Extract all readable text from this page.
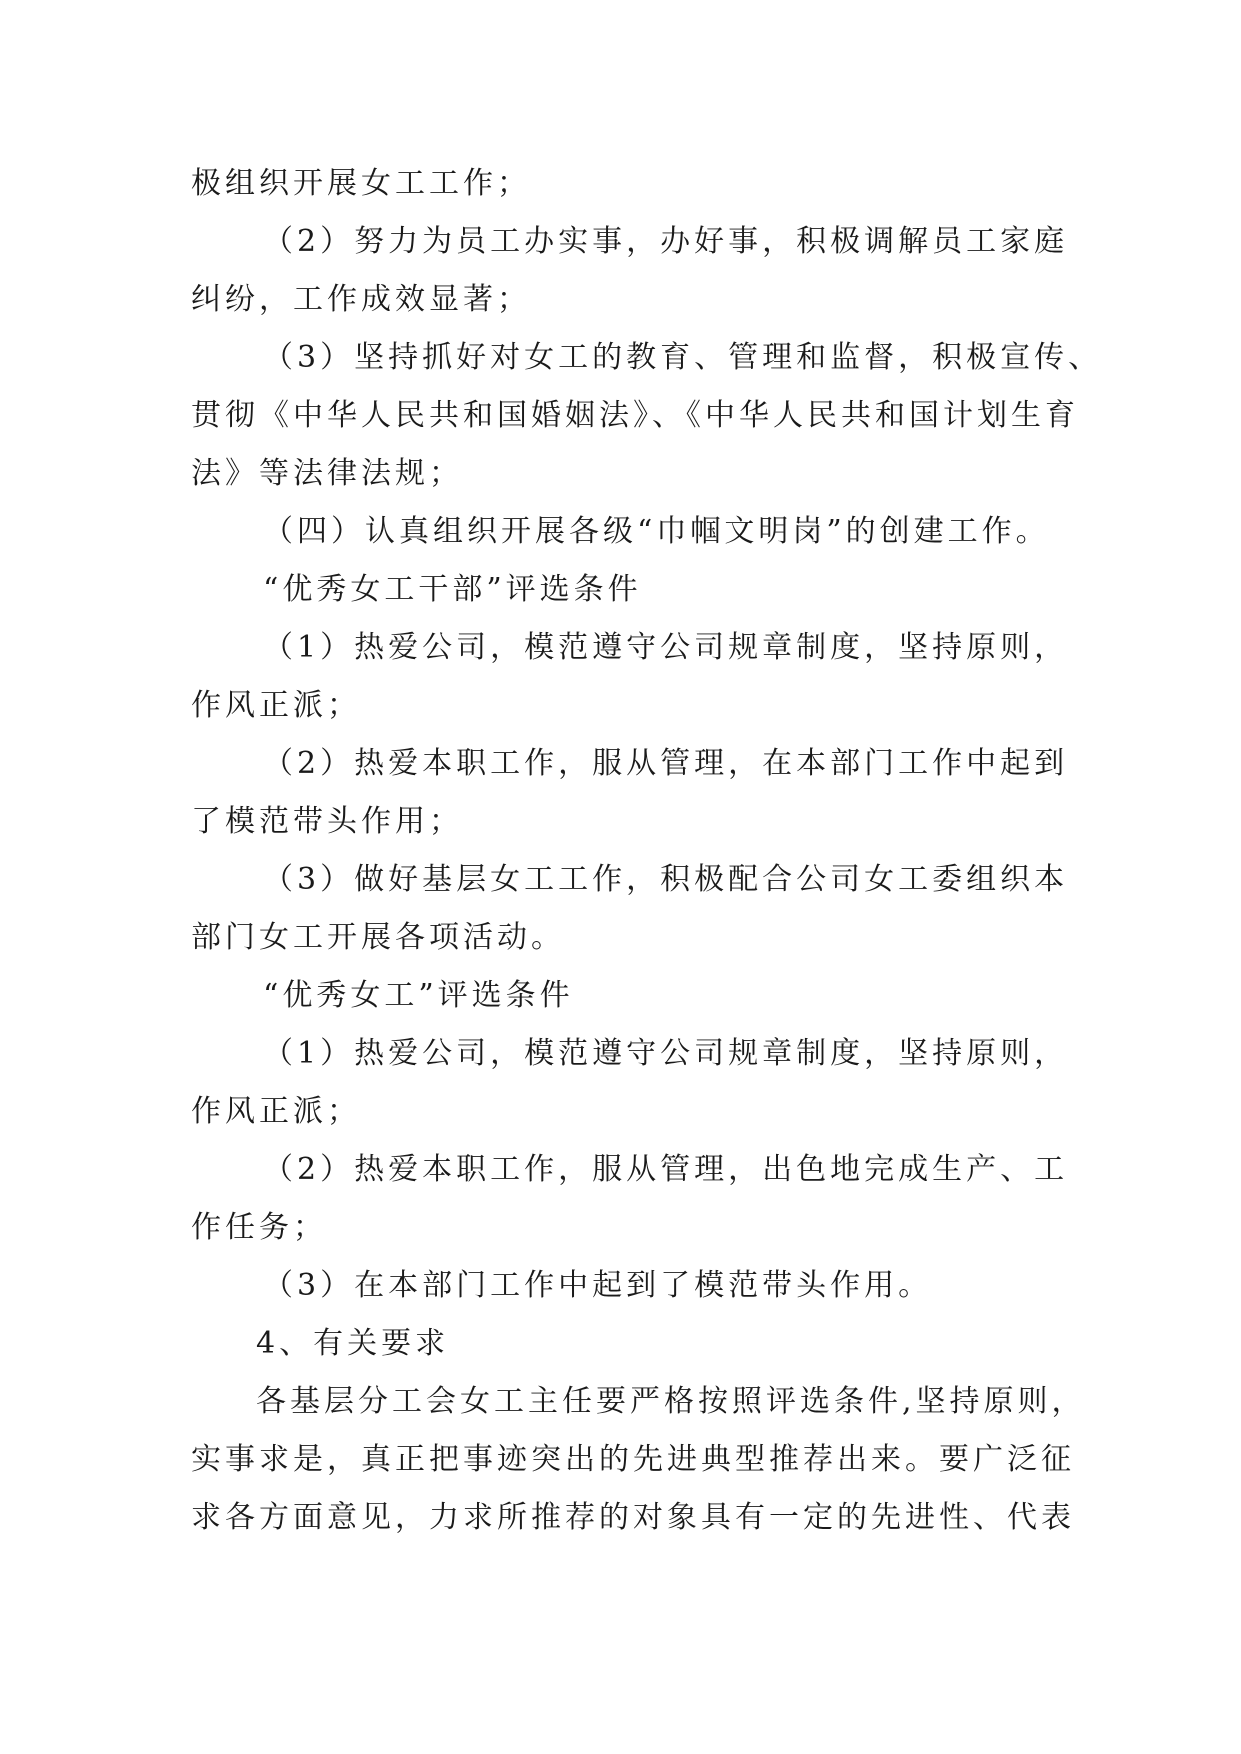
极组织开展女工工作；
（2）努力为员工办实事，办好事，积极调解员工家庭
纠纷，工作成效显著；
（3）坚持抓好对女工的教育、管理和监督，积极宣传、
贯彻《中华人民共和国婚姻法》、《中华人民共和国计划生育
法》等法律法规；
（四）认真组织开展各级“巾帼文明岗”的创建工作。
“优秀女工干部”评选条件
（1）热爱公司，模范遵守公司规章制度，坚持原则，
作风正派；
（2）热爱本职工作，服从管理，在本部门工作中起到
了模范带头作用；
（3）做好基层女工工作，积极配合公司女工委组织本
部门女工开展各项活动。
“优秀女工”评选条件
（1）热爱公司，模范遵守公司规章制度，坚持原则，
作风正派；
（2）热爱本职工作，服从管理，出色地完成生产、工
作任务；
（3）在本部门工作中起到了模范带头作用。
4、有关要求
各基层分工会女工主任要严格按照评选条件,坚持原则，
实事求是，真正把事迹突出的先进典型推荐出来。要广泛征
求各方面意见，力求所推荐的对象具有一定的先进性、代表
